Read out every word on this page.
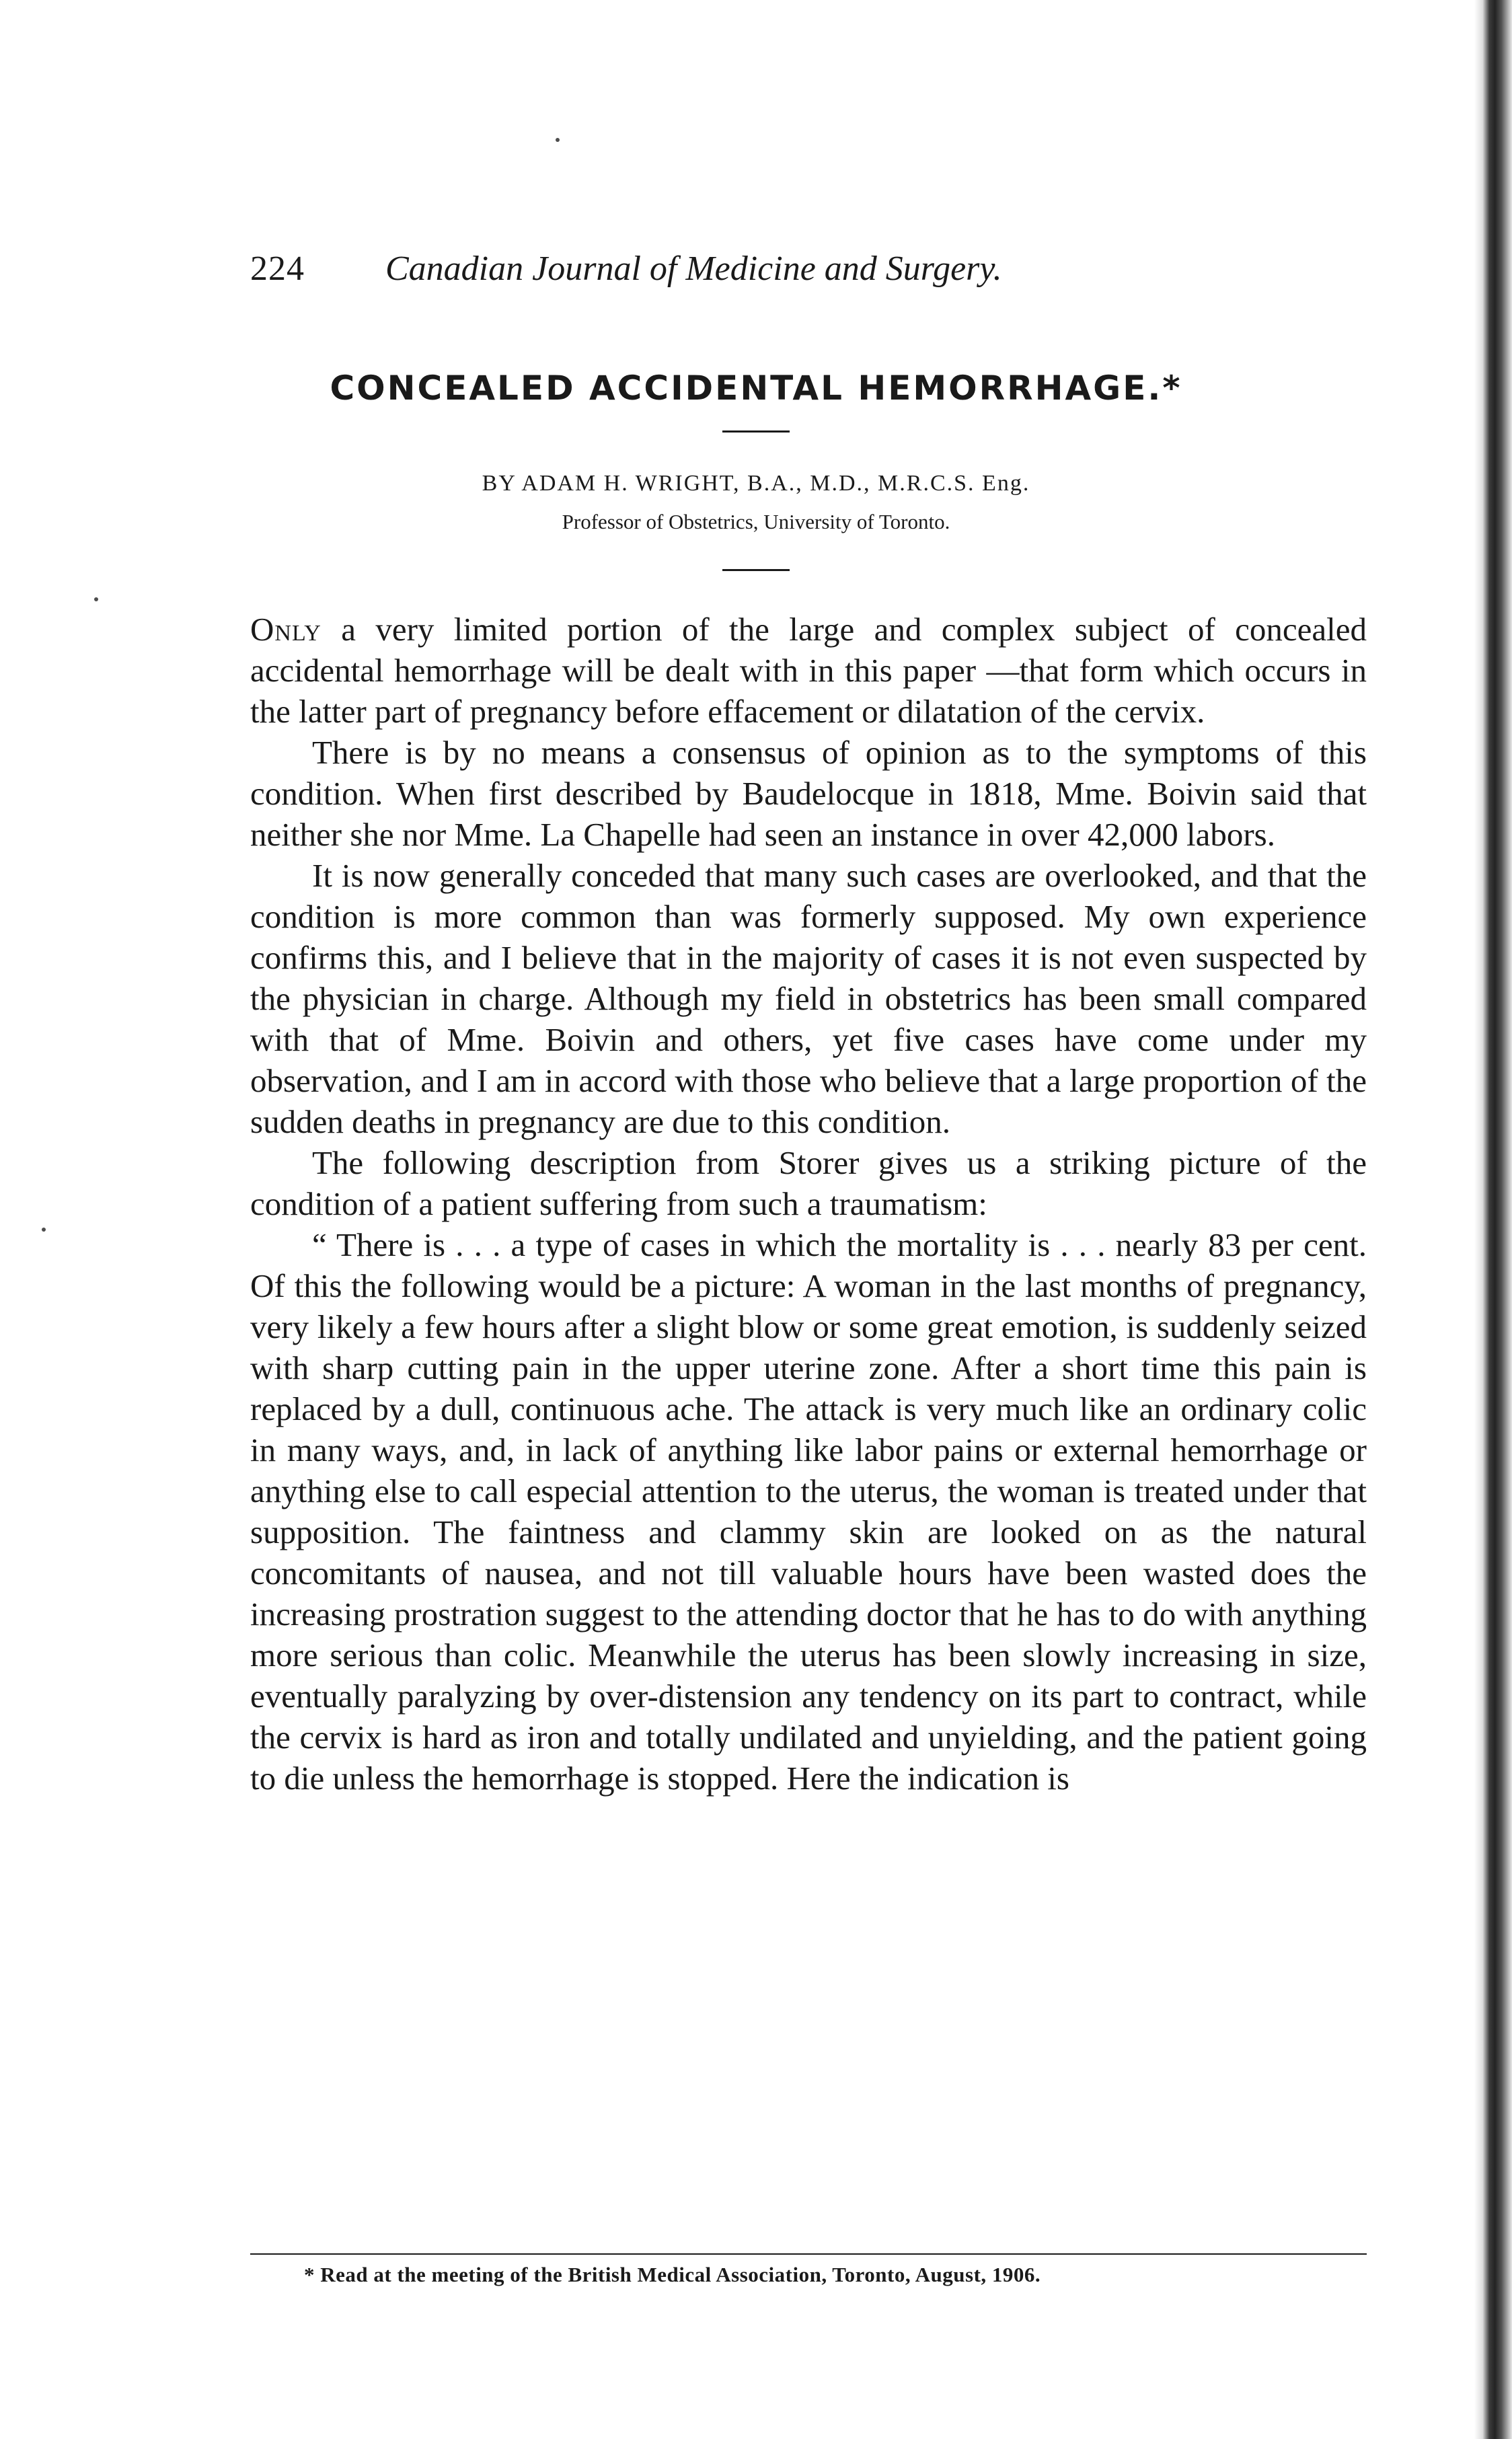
224 Canadian Journal of Medicine and Surgery.
CONCEALED ACCIDENTAL HEMORRHAGE.*
BY ADAM H. WRIGHT, B.A., M.D., M.R.C.S. Eng.
Professor of Obstetrics, University of Toronto.

Only a very limited portion of the large and complex subject of concealed accidental hemorrhage will be dealt with in this paper —that form which occurs in the latter part of pregnancy before effacement or dilatation of the cervix.

There is by no means a consensus of opinion as to the symptoms of this condition. When first described by Baudelocque in 1818, Mme. Boivin said that neither she nor Mme. La Chapelle had seen an instance in over 42,000 labors.

It is now generally conceded that many such cases are overlooked, and that the condition is more common than was formerly supposed. My own experience confirms this, and I believe that in the majority of cases it is not even suspected by the physician in charge. Although my field in obstetrics has been small compared with that of Mme. Boivin and others, yet five cases have come under my observation, and I am in accord with those who believe that a large proportion of the sudden deaths in pregnancy are due to this condition.

The following description from Storer gives us a striking picture of the condition of a patient suffering from such a traumatism:

“ There is . . . a type of cases in which the mortality is . . . nearly 83 per cent. Of this the following would be a picture: A woman in the last months of pregnancy, very likely a few hours after a slight blow or some great emotion, is suddenly seized with sharp cutting pain in the upper uterine zone. After a short time this pain is replaced by a dull, continuous ache. The attack is very much like an ordinary colic in many ways, and, in lack of anything like labor pains or external hemorrhage or anything else to call especial attention to the uterus, the woman is treated under that supposition. The faintness and clammy skin are looked on as the natural concomitants of nausea, and not till valuable hours have been wasted does the increasing prostration suggest to the attending doctor that he has to do with anything more serious than colic. Meanwhile the uterus has been slowly increasing in size, eventually paralyzing by over-distension any tendency on its part to contract, while the cervix is hard as iron and totally undilated and unyielding, and the patient going to die unless the hemorrhage is stopped. Here the indication is

* Read at the meeting of the British Medical Association, Toronto, August, 1906.
